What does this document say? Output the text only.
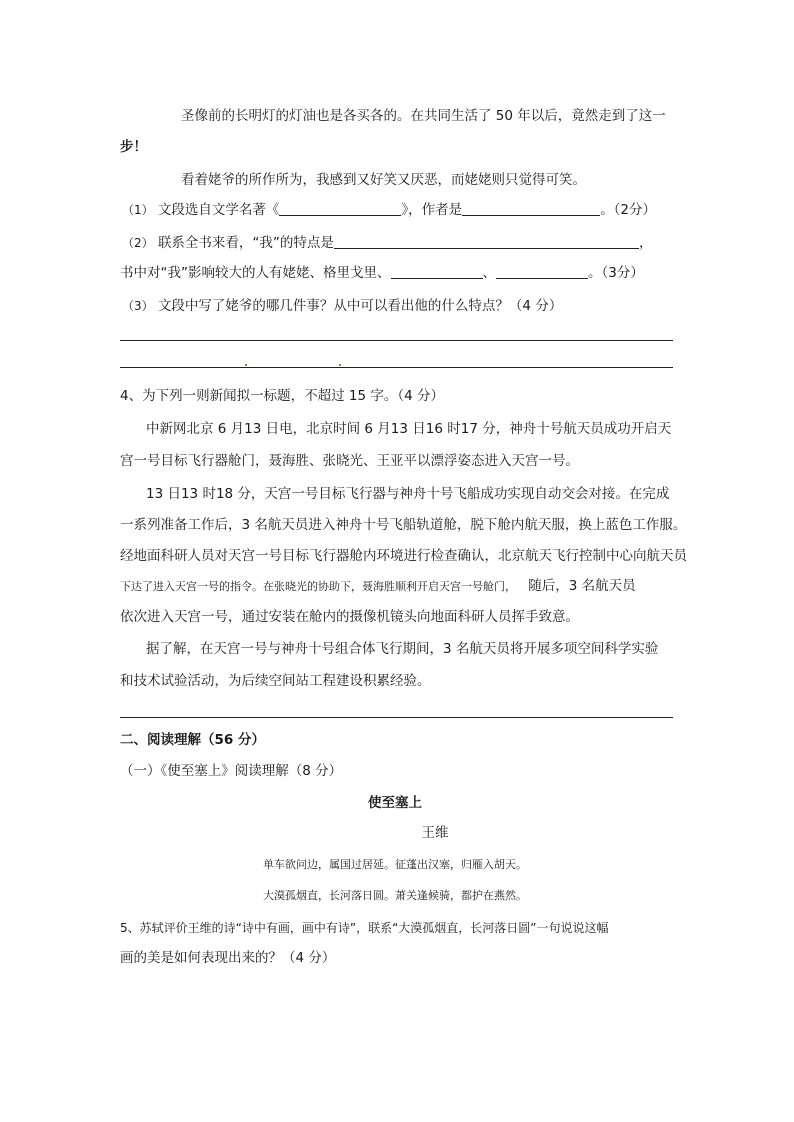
圣像前的长明灯的灯油也是各买各的。在共同生活了 50 年以后，竟然走到了这一
步！
看着姥爷的所作所为，我感到又好笑又厌恶，而姥姥则只觉得可笑。
（1） 文段选自文学名著《	》，作者是	。（2分）
（2） 联系全书来看，“我”的特点是	，
书中对“我”影响较大的人有姥姥、格里戈里、	、	。（3分）
（3） 文段中写了姥爷的哪几件事？从中可以看出他的什么特点？（4 分）
4、为下列一则新闻拟一标题，不超过 15 字。（4 分）
中新网北京 6 月13 日电，北京时间 6 月13 日16 时17 分，神舟十号航天员成功开启天
宫一号目标飞行器舱门，聂海胜、张晓光、王亚平以漂浮姿态进入天宫一号。
13 日13 时18 分，天宫一号目标飞行器与神舟十号飞船成功实现自动交会对接。在完成
一系列准备工作后，3 名航天员进入神舟十号飞船轨道舱，脱下舱内航天服，换上蓝色工作服。
经地面科研人员对天宫一号目标飞行器舱内环境进行检查确认，北京航天飞行控制中心向航天员
下达了进入天宫一号的指令。在张晓光的协助下，聂海胜顺利开启天宫一号舱门， 随后，3 名航天员
依次进入天宫一号，通过安装在舱内的摄像机镜头向地面科研人员挥手致意。
据了解，在天宫一号与神舟十号组合体飞行期间，3 名航天员将开展多项空间科学实验
和技术试验活动，为后续空间站工程建设积累经验。
二、阅读理解（56 分）
（一）《使至塞上》阅读理解（8 分）
使至塞上
王维
单车欲问边，属国过居延。征蓬出汉塞，归雁入胡天。
大漠孤烟直，长河落日圆。萧关逢候骑，都护在燕然。
5、苏轼评价王维的诗“诗中有画，画中有诗”，联系“大漠孤烟直，长河落日圆”一句说说这幅
画的美是如何表现出来的？（4 分）
